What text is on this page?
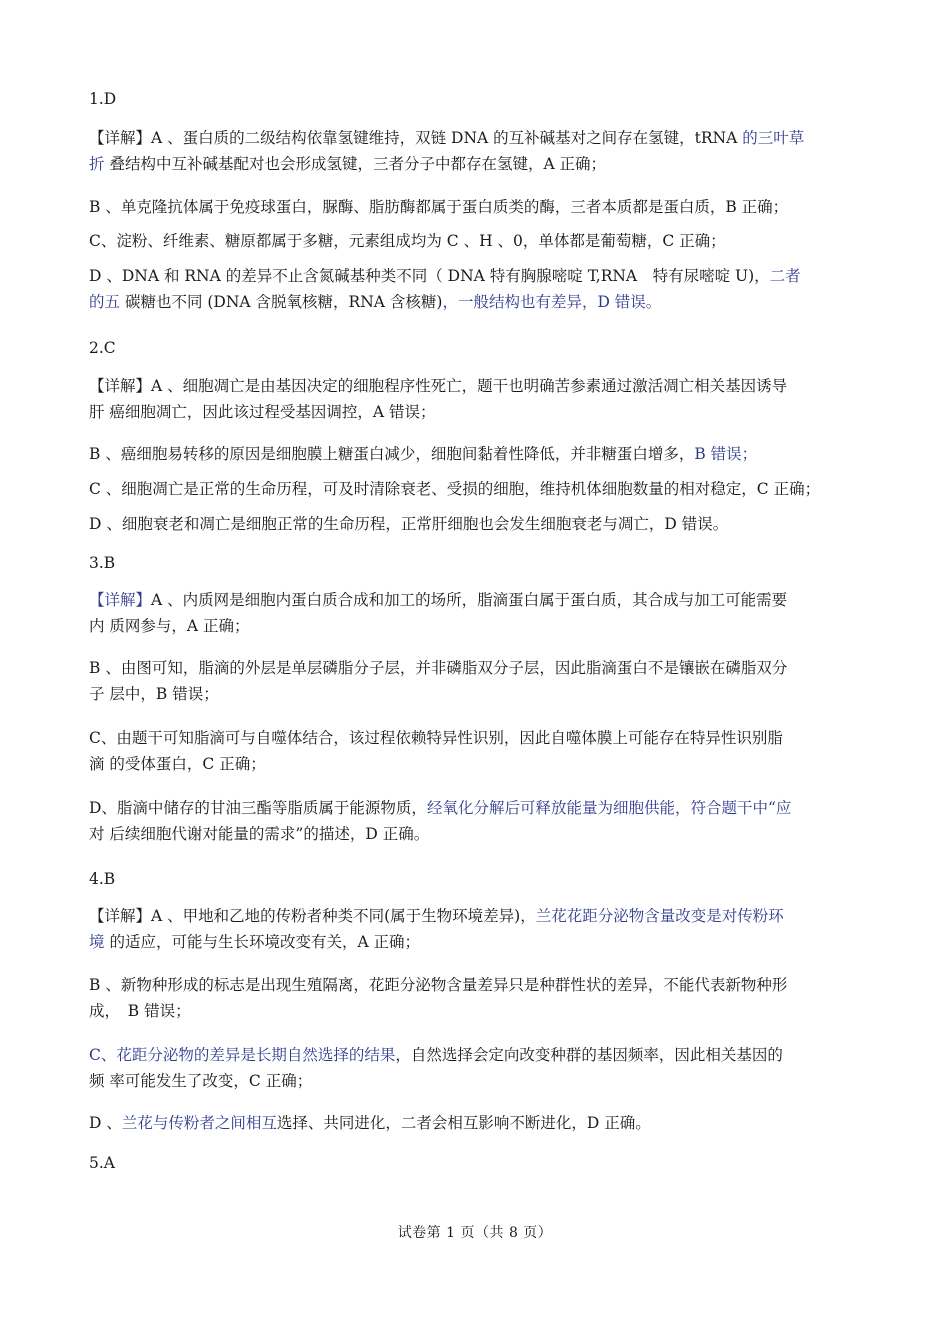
1.D
【详解】A 、蛋白质的二级结构依靠氢键维持，双链 DNA 的互补碱基对之间存在氢键，tRNA 的三叶草
折 叠结构中互补碱基配对也会形成氢键，三者分子中都存在氢键，A 正确；
B 、单克隆抗体属于免疫球蛋白，脲酶、脂肪酶都属于蛋白质类的酶，三者本质都是蛋白质，B 正确；
C、淀粉、纤维素、糖原都属于多糖，元素组成均为 C 、H 、0，单体都是葡萄糖，C 正确；
D 、DNA 和 RNA 的差异不止含氮碱基种类不同（ DNA 特有胸腺嘧啶 T,RNA　特有尿嘧啶 U)，二者
的五 碳糖也不同 (DNA 含脱氧核糖，RNA 含核糖)，一般结构也有差异，D 错误。
2.C
【详解】A 、细胞凋亡是由基因决定的细胞程序性死亡，题干也明确苦参素通过激活凋亡相关基因诱导
肝 癌细胞凋亡，因此该过程受基因调控，A 错误；
B 、癌细胞易转移的原因是细胞膜上糖蛋白减少，细胞间黏着性降低，并非糖蛋白增多，B 错误；
C 、细胞凋亡是正常的生命历程，可及时清除衰老、受损的细胞，维持机体细胞数量的相对稳定，C 正确；
D 、细胞衰老和凋亡是细胞正常的生命历程，正常肝细胞也会发生细胞衰老与凋亡，D 错误。
3.B
【详解】A 、内质网是细胞内蛋白质合成和加工的场所，脂滴蛋白属于蛋白质，其合成与加工可能需要
内 质网参与，A 正确；
B 、由图可知，脂滴的外层是单层磷脂分子层，并非磷脂双分子层，因此脂滴蛋白不是镶嵌在磷脂双分
子 层中，B 错误；
C、由题干可知脂滴可与自噬体结合，该过程依赖特异性识别，因此自噬体膜上可能存在特异性识别脂
滴 的受体蛋白，C 正确；
D、脂滴中储存的甘油三酯等脂质属于能源物质，经氧化分解后可释放能量为细胞供能，符合题干中“应
对 后续细胞代谢对能量的需求”的描述，D 正确。
4.B
【详解】A 、甲地和乙地的传粉者种类不同(属于生物环境差异)，兰花花距分泌物含量改变是对传粉环
境 的适应，可能与生长环境改变有关，A 正确；
B 、新物种形成的标志是出现生殖隔离，花距分泌物含量差异只是种群性状的差异，不能代表新物种形
成，　B 错误；
C、花距分泌物的差异是长期自然选择的结果，自然选择会定向改变种群的基因频率，因此相关基因的
频 率可能发生了改变，C 正确；
D 、兰花与传粉者之间相互选择、共同进化，二者会相互影响不断进化，D 正确。
5.A
试卷第 1 页（共 8 页）
